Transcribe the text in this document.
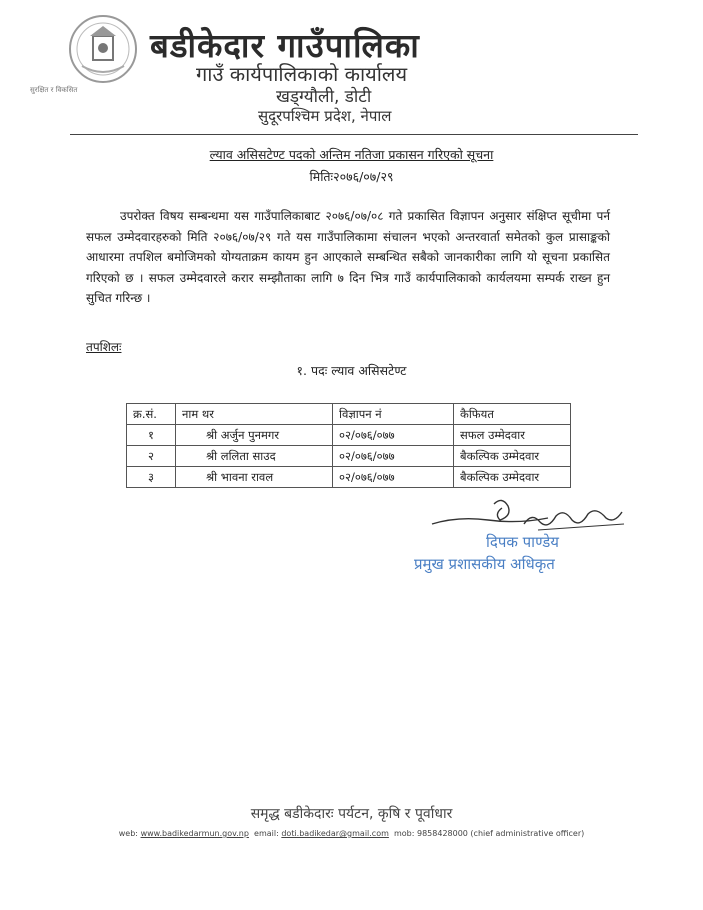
सुरक्षित र विकसित
बडीकेदार गाउँपालिका
गाउँ कार्यपालिकाको कार्यालय
खड्ग्यौली, डोटी
सुदूरपश्चिम प्रदेश, नेपाल
ल्याव असिसटेण्ट पदको अन्तिम नतिजा प्रकासन गरिएको सूचना
मितिः२०७६/०७/२९
उपरोक्त विषय सम्बन्धमा यस गाउँपालिकाबाट २०७६/०७/०८ गते प्रकासित विज्ञापन अनुसार संक्षिप्त सूचीमा पर्न सफल उम्मेदवारहरुको मिति २०७६/०७/२९ गते यस गाउँपालिकामा संचालन भएको अन्तरवार्ता समेतको कुल प्रासाङ्कको आधारमा तपशिल बमोजिमको योग्यताक्रम कायम हुन आएकाले सम्बन्धित सबैको जानकारीका लागि यो सूचना प्रकासित गरिएको छ । सफल उम्मेदवारले करार सम्झौताका लागि ७ दिन भित्र गाउँ कार्यपालिकाको कार्यलयमा सम्पर्क राख्न हुन सुचित गरिन्छ ।
तपशिलः
१. पदः ल्याव असिसटेण्ट
क्र.सं.	नाम थर	विज्ञापन नं	कैफियत
१	श्री अर्जुन पुनमगर	०२/०७६/०७७	सफल उम्मेदवार
२	श्री ललिता साउद	०२/०७६/०७७	बैकल्पिक उम्मेदवार
३	श्री भावना रावल	०२/०७६/०७७	बैकल्पिक उम्मेदवार
दिपक पाण्डेय
प्रमुख प्रशासकीय अधिकृत
समृद्ध बडीकेदारः पर्यटन, कृषि र पूर्वाधार
web: www.badikedarmun.gov.np email: doti.badikedar@gmail.com mob: 9858428000 (chief administrative officer)
